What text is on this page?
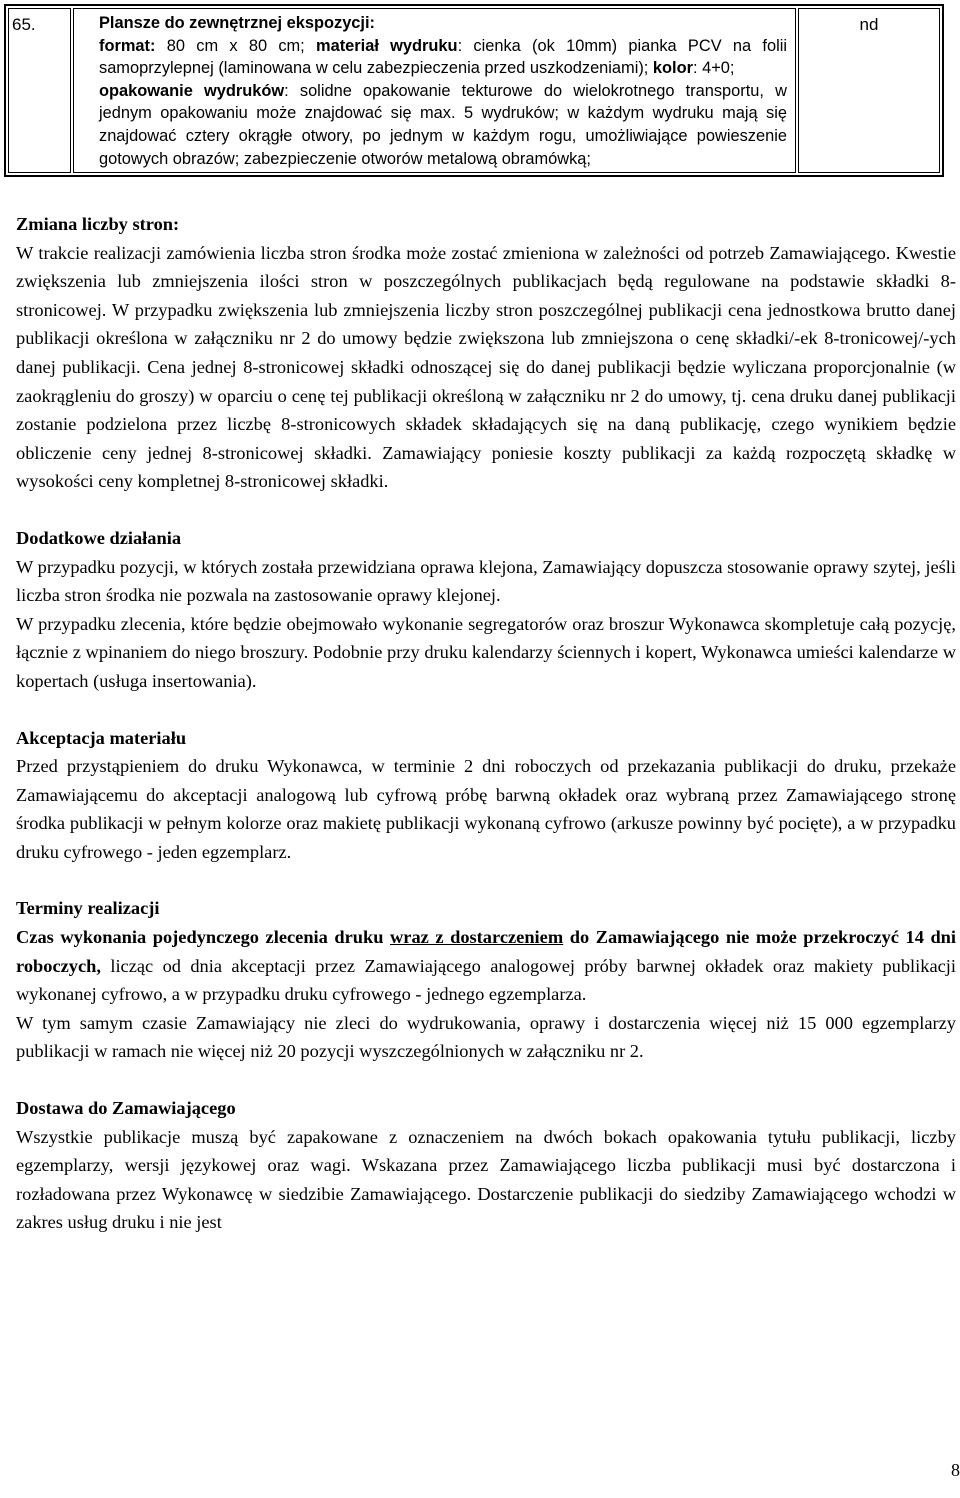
65.	Plansze do zewnętrznej ekspozycji:
format: 80 cm x 80 cm; materiał wydruku: cienka (ok 10mm) pianka PCV na folii samoprzylepnej (laminowana w celu zabezpieczenia przed uszkodzeniami); kolor: 4+0;
opakowanie wydruków: solidne opakowanie tekturowe do wielokrotnego transportu, w jednym opakowaniu może znajdować się max. 5 wydruków; w każdym wydruku mają się znajdować cztery okrągłe otwory, po jednym w każdym rogu, umożliwiające powieszenie gotowych obrazów; zabezpieczenie otworów metalową obramówką;	nd
Zmiana liczby stron:

W trakcie realizacji zamówienia liczba stron środka może zostać zmieniona w zależności od potrzeb Zamawiającego. Kwestie zwiększenia lub zmniejszenia ilości stron w poszczególnych publikacjach będą regulowane na podstawie składki 8-stronicowej. W przypadku zwiększenia lub zmniejszenia liczby stron poszczególnej publikacji cena jednostkowa brutto danej publikacji określona w załączniku nr 2 do umowy będzie zwiększona lub zmniejszona o cenę składki/-ek 8-tronicowej/-ych danej publikacji. Cena jednej 8-stronicowej składki odnoszącej się do danej publikacji będzie wyliczana proporcjonalnie (w zaokrągleniu do groszy) w oparciu o cenę tej publikacji określoną w załączniku nr 2 do umowy, tj. cena druku danej publikacji zostanie podzielona przez liczbę 8-stronicowych składek składających się na daną publikację, czego wynikiem będzie obliczenie ceny jednej 8-stronicowej składki. Zamawiający poniesie koszty publikacji za każdą rozpoczętą składkę w wysokości ceny kompletnej 8-stronicowej składki.

Dodatkowe działania

W przypadku pozycji, w których została przewidziana oprawa klejona, Zamawiający dopuszcza stosowanie oprawy szytej, jeśli liczba stron środka nie pozwala na zastosowanie oprawy klejonej.

W przypadku zlecenia, które będzie obejmowało wykonanie segregatorów oraz broszur Wykonawca skompletuje całą pozycję, łącznie z wpinaniem do niego broszury. Podobnie przy druku kalendarzy ściennych i kopert, Wykonawca umieści kalendarze w kopertach (usługa insertowania).

Akceptacja materiału

Przed przystąpieniem do druku Wykonawca, w terminie 2 dni roboczych od przekazania publikacji do druku, przekaże Zamawiającemu do akceptacji analogową lub cyfrową próbę barwną okładek oraz wybraną przez Zamawiającego stronę środka publikacji w pełnym kolorze oraz makietę publikacji wykonaną cyfrowo (arkusze powinny być pocięte), a w przypadku druku cyfrowego - jeden egzemplarz.

Terminy realizacji

Czas wykonania pojedynczego zlecenia druku wraz z dostarczeniem do Zamawiającego nie może przekroczyć 14 dni roboczych, licząc od dnia akceptacji przez Zamawiającego analogowej próby barwnej okładek oraz makiety publikacji wykonanej cyfrowo, a w przypadku druku cyfrowego - jednego egzemplarza.

W tym samym czasie Zamawiający nie zleci do wydrukowania, oprawy i dostarczenia więcej niż 15 000 egzemplarzy publikacji w ramach nie więcej niż 20 pozycji wyszczególnionych w załączniku nr 2.

Dostawa do Zamawiającego

Wszystkie publikacje muszą być zapakowane z oznaczeniem na dwóch bokach opakowania tytułu publikacji, liczby egzemplarzy, wersji językowej oraz wagi. Wskazana przez Zamawiającego liczba publikacji musi być dostarczona i rozładowana przez Wykonawcę w siedzibie Zamawiającego. Dostarczenie publikacji do siedziby Zamawiającego wchodzi w zakres usług druku i nie jest

8
